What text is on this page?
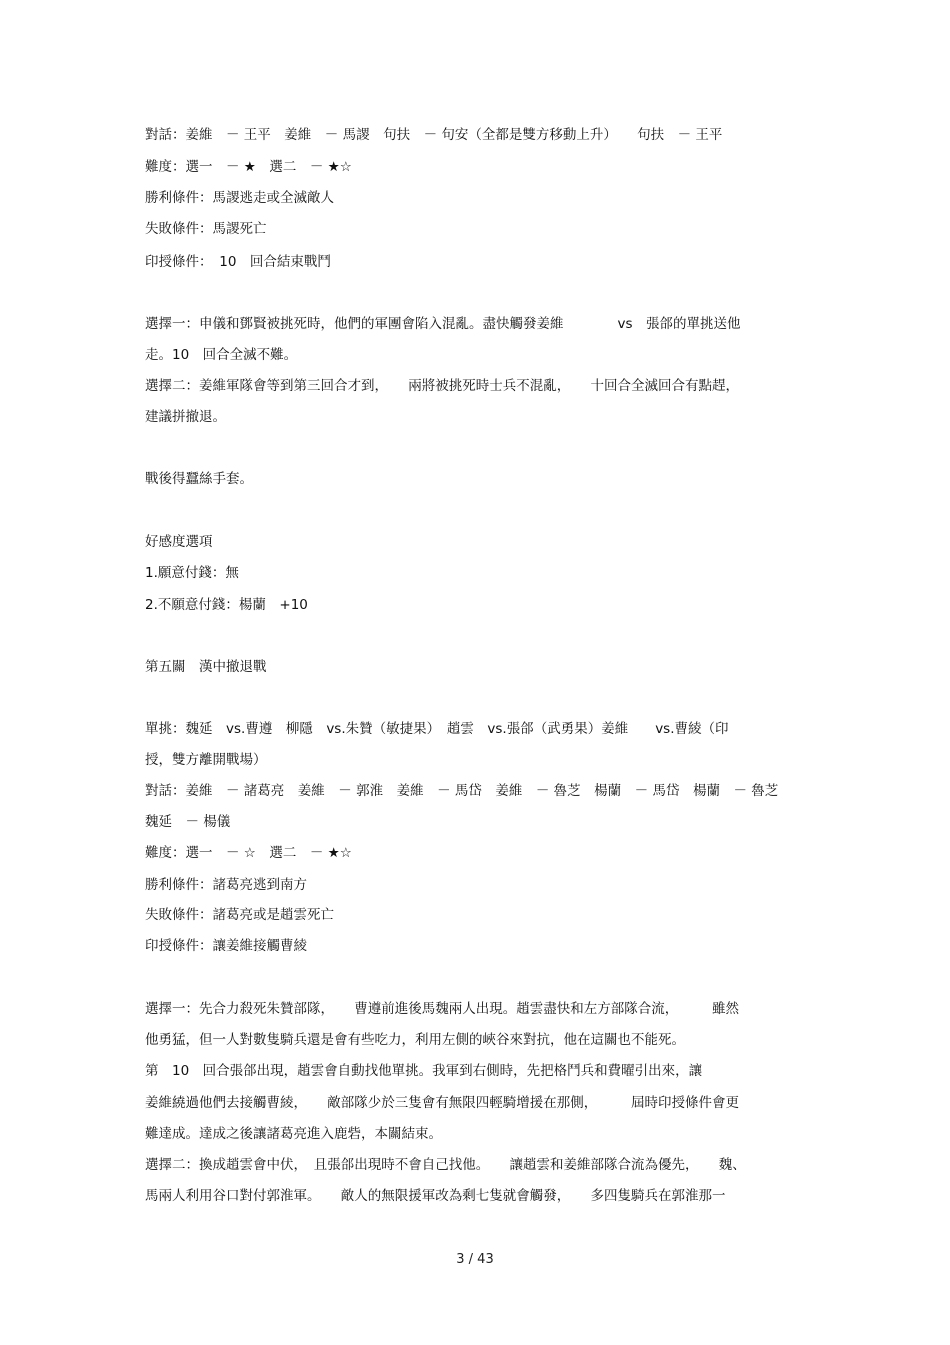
對話：姜維　－ 王平　姜維　－ 馬謖　句扶　－ 句安（全都是雙方移動上升）　　句扶　－ 王平
難度：選一　－ ★　選二　－ ★☆
勝利條件：馬謖逃走或全滅敵人
失敗條件：馬謖死亡
印授條件：　10　回合結束戰鬥
選擇一：申儀和鄧賢被挑死時，他們的軍團會陷入混亂。盡快觸發姜維　　　　vs　張郃的單挑送他
走。10　回合全滅不難。
選擇二：姜維軍隊會等到第三回合才到，　　兩將被挑死時士兵不混亂，　　十回合全滅回合有點趕，
建議拼撤退。
戰後得蠶絲手套。
好感度選項
1.願意付錢：無
2.不願意付錢：楊蘭　+10
第五關　漢中撤退戰
單挑：魏延　vs.曹遵　柳隱　vs.朱贊（敏捷果）　趙雲　vs.張郃（武勇果）姜維　　vs.曹綾（印
授，雙方離開戰場）
對話：姜維　－ 諸葛亮　姜維　－ 郭淮　姜維　－ 馬岱　姜維　－ 魯芝　楊蘭　－ 馬岱　楊蘭　－ 魯芝
魏延　－ 楊儀
難度：選一　－ ☆　選二　－ ★☆
勝利條件：諸葛亮逃到南方
失敗條件：諸葛亮或是趙雲死亡
印授條件：讓姜維接觸曹綾
選擇一：先合力殺死朱贊部隊，　　曹遵前進後馬魏兩人出現。趙雲盡快和左方部隊合流，　　　雖然
他勇猛，但一人對數隻騎兵還是會有些吃力，利用左側的峽谷來對抗，他在這關也不能死。
第　10　回合張郃出現，趙雲會自動找他單挑。我軍到右側時，先把格鬥兵和費曜引出來，讓
姜維繞過他們去接觸曹綾，　　敵部隊少於三隻會有無限四輕騎增援在那側，　　　屆時印授條件會更
難達成。達成之後讓諸葛亮進入鹿砦，本關結束。
選擇二：換成趙雲會中伏，　且張郃出現時不會自己找他。　　讓趙雲和姜維部隊合流為優先，　　魏、
馬兩人利用谷口對付郭淮軍。　　敵人的無限援軍改為剩七隻就會觸發，　　多四隻騎兵在郭淮那一
3 / 43
